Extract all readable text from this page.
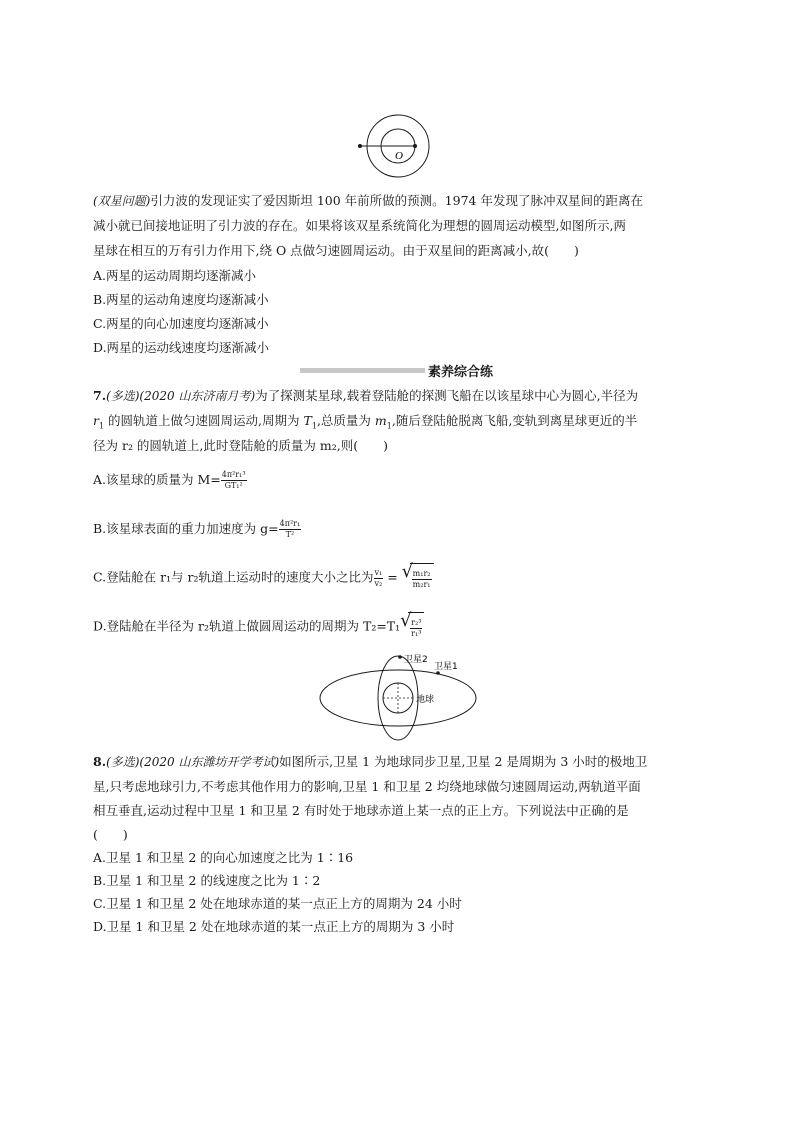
O
(双星问题)引力波的发现证实了爱因斯坦 100 年前所做的预测。1974 年发现了脉冲双星间的距离在
减小就已间接地证明了引力波的存在。如果将该双星系统简化为理想的圆周运动模型,如图所示,两
星球在相互的万有引力作用下,绕 O 点做匀速圆周运动。由于双星间的距离减小,故(　　)
A.两星的运动周期均逐渐减小
B.两星的运动角速度均逐渐减小
C.两星的向心加速度均逐渐减小
D.两星的运动线速度均逐渐减小
素养综合练
7.(多选)(2020 山东济南月考)为了探测某星球,载着登陆舱的探测飞船在以该星球中心为圆心,半径为
$r_1$ 的圆轨道上做匀速圆周运动,周期为 $T_1$,总质量为 $m_1$,随后登陆舱脱离飞船,变轨到离星球更近的半
径为 r₂ 的圆轨道上,此时登陆舱的质量为 m₂,则(　　)
A.该星球的质量为 $M= \frac{\text{4π²r₁³}}{\text{GT₁²}}$
B.该星球表面的重力加速度为 $g= \frac{\text{4π²r₁}}{\text{T²}}$
C.登陆舱在 r₁与 r₂轨道上运动时的速度大小之比为 $\frac{\text{v₁}}{\text{v₂}}$ = √
$\frac{\text{m₁r₂}}{\text{m₂r₁}}$
D.登陆舱在半径为 r₂轨道上做圆周运动的周期为 T₂=T₁ √
$\frac{\text{r₂³}}{\text{r₁³}}$
卫星2
卫星1
地球
8.(多选)(2020 山东潍坊开学考试)如图所示,卫星 1 为地球同步卫星,卫星 2 是周期为 3 小时的极地卫
星,只考虑地球引力,不考虑其他作用力的影响,卫星 1 和卫星 2 均绕地球做匀速圆周运动,两轨道平面
相互垂直,运动过程中卫星 1 和卫星 2 有时处于地球赤道上某一点的正上方。下列说法中正确的是
(　　)
A.卫星 1 和卫星 2 的向心加速度之比为 1∶16
B.卫星 1 和卫星 2 的线速度之比为 1∶2
C.卫星 1 和卫星 2 处在地球赤道的某一点正上方的周期为 24 小时
D.卫星 1 和卫星 2 处在地球赤道的某一点正上方的周期为 3 小时
